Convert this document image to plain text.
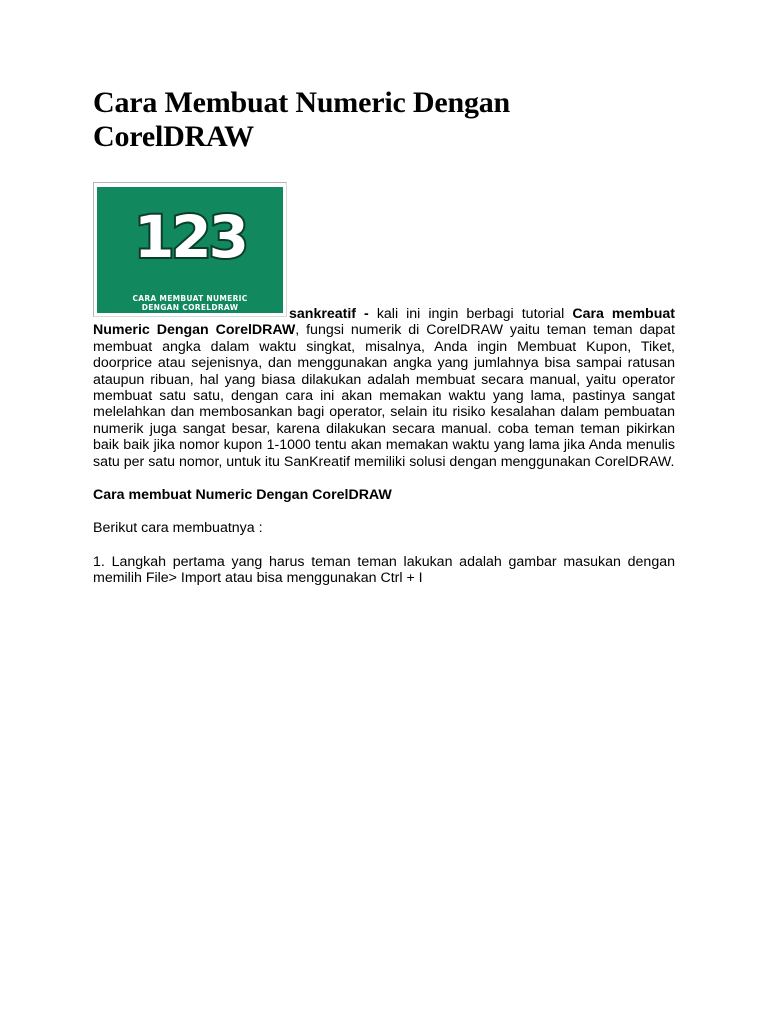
Cara Membuat Numeric Dengan CorelDRAW
123
CARA MEMBUAT NUMERIC
DENGAN CORELDRAW	sankreatif - kali ini ingin berbagi tutorial Cara membuat Numeric Dengan CorelDRAW, fungsi numerik di CorelDRAW yaitu teman teman dapat membuat angka dalam waktu singkat, misalnya, Anda ingin Membuat Kupon, Tiket, doorprice atau sejenisnya, dan menggunakan angka yang jumlahnya bisa sampai ratusan ataupun ribuan, hal yang biasa dilakukan adalah membuat secara manual, yaitu operator membuat satu satu, dengan cara ini akan memakan waktu yang lama, pastinya sangat melelahkan dan membosankan bagi operator, selain itu risiko kesalahan dalam pembuatan numerik juga sangat besar, karena dilakukan secara manual. coba teman teman pikirkan baik baik jika nomor kupon 1-1000 tentu akan memakan waktu yang lama jika Anda menulis satu per satu nomor, untuk itu SanKreatif memiliki solusi dengan menggunakan CorelDRAW.

Cara membuat Numeric Dengan CorelDRAW

Berikut cara membuatnya :

1. Langkah pertama yang harus teman teman lakukan adalah gambar masukan dengan memilih File> Import atau bisa menggunakan Ctrl + I
